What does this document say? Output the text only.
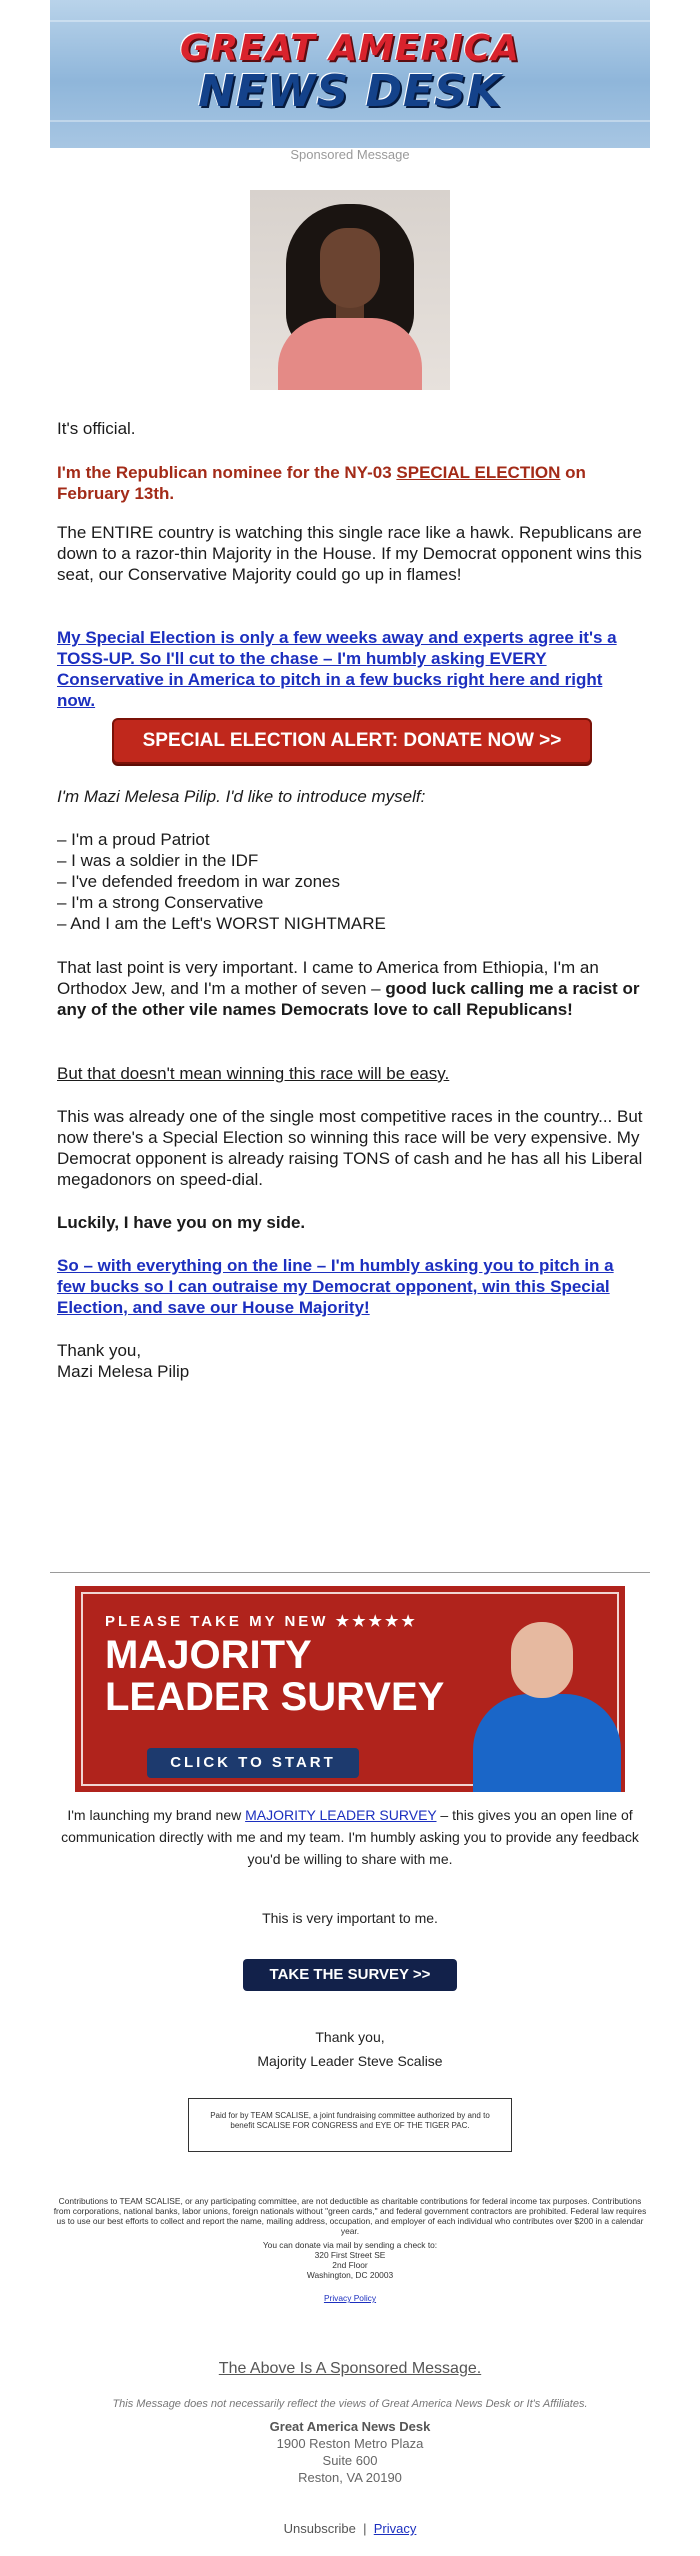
GREAT AMERICA
NEWS DESK
Sponsored Message
It's official.
I'm the Republican nominee for the NY-03 SPECIAL ELECTION on February 13th.
The ENTIRE country is watching this single race like a hawk. Republicans are down to a razor-thin Majority in the House. If my Democrat opponent wins this seat, our Conservative Majority could go up in flames!
My Special Election is only a few weeks away and experts agree it's a TOSS-UP. So I'll cut to the chase – I'm humbly asking EVERY Conservative in America to pitch in a few bucks right here and right now.
SPECIAL ELECTION ALERT: DONATE NOW >>
I'm Mazi Melesa Pilip. I'd like to introduce myself:
– I'm a proud Patriot
– I was a soldier in the IDF
– I've defended freedom in war zones
– I'm a strong Conservative
– And I am the Left's WORST NIGHTMARE
That last point is very important. I came to America from Ethiopia, I'm an Orthodox Jew, and I'm a mother of seven – good luck calling me a racist or any of the other vile names Democrats love to call Republicans!
But that doesn't mean winning this race will be easy.
This was already one of the single most competitive races in the country... But now there's a Special Election so winning this race will be very expensive. My Democrat opponent is already raising TONS of cash and he has all his Liberal megadonors on speed-dial.
Luckily, I have you on my side.
So – with everything on the line – I'm humbly asking you to pitch in a few bucks so I can outraise my Democrat opponent, win this Special Election, and save our House Majority!
Thank you,
Mazi Melesa Pilip
PLEASE TAKE MY NEW ★★★★★
MAJORITY
LEADER SURVEY
CLICK TO START
I'm launching my brand new MAJORITY LEADER SURVEY – this gives you an open line of communication directly with me and my team. I'm humbly asking you to provide any feedback you'd be willing to share with me.
This is very important to me.
TAKE THE SURVEY >>
Thank you,
Majority Leader Steve Scalise
Paid for by TEAM SCALISE, a joint fundraising committee authorized by and to benefit SCALISE FOR CONGRESS and EYE OF THE TIGER PAC.
Contributions to TEAM SCALISE, or any participating committee, are not deductible as charitable contributions for federal income tax purposes. Contributions from corporations, national banks, labor unions, foreign nationals without "green cards," and federal government contractors are prohibited. Federal law requires us to use our best efforts to collect and report the name, mailing address, occupation, and employer of each individual who contributes over $200 in a calendar year.
You can donate via mail by sending a check to:
320 First Street SE
2nd Floor
Washington, DC 20003
Privacy Policy
The Above Is A Sponsored Message.
This Message does not necessarily reflect the views of Great America News Desk or It's Affiliates.
Great America News Desk
1900 Reston Metro Plaza
Suite 600
Reston, VA 20190
Unsubscribe | Privacy
